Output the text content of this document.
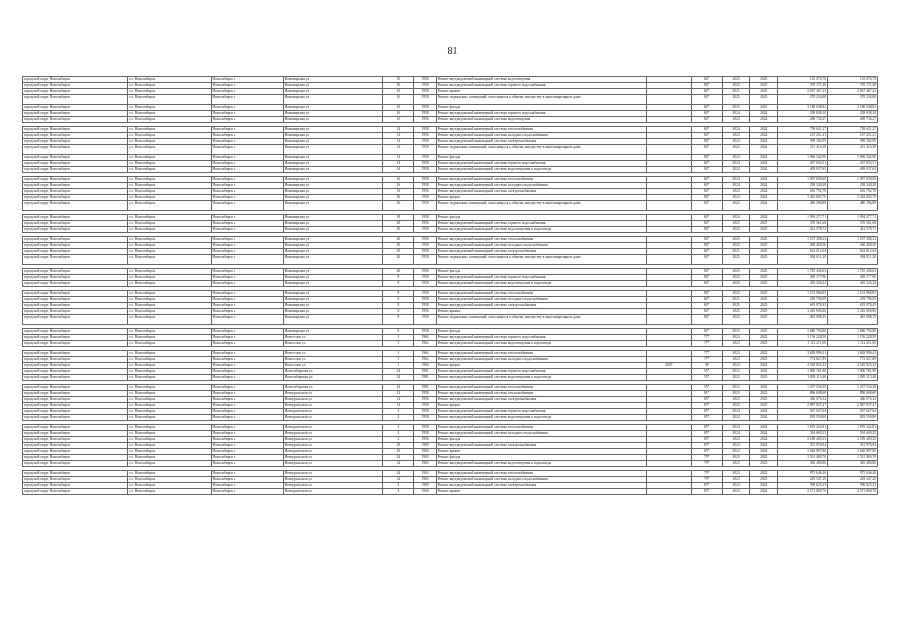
81
городской округ Новосибирск	г.о. Новосибирск	Новосибирск г	Новомирская ул	10	1958	Ремонт внутридомовой инженерной системы водоотведения		84*	2025	2025	135 070,78	135 070,78
городской округ Новосибирск	г.о. Новосибирск	Новосибирск г	Новомирская ул	10	1958	Ремонт внутридомовой инженерной системы горячего водоснабжения		84*	2025	2025	370 171,38	370 171,38
городской округ Новосибирск	г.о. Новосибирск	Новосибирск г	Новомирская ул	10	1958	Ремонт крыши		84*	2025	2025	2 037 467,23	2 037 467,23
городской округ Новосибирск	г.о. Новосибирск	Новосибирск г	Новомирская ул	10	1958	Ремонт подвальных помещений, относящихся к общему имуществу в многоквартирном доме		84*	2025	2025	270 234,88	270 234,88
городской округ Новосибирск	г.о. Новосибирск	Новосибирск г	Новомирская ул	10	1958	Ремонт фасада		84*	2025	2025	3 180 948,82	3 180 948,82
городской округ Новосибирск	г.о. Новосибирск	Новосибирск г	Новомирская ул	10	1958	Ремонт внутридомовой инженерной системы горячего водоснабжения		84*	2024	2024	238 038,10	238 038,10
городской округ Новосибирск	г.о. Новосибирск	Новосибирск г	Новомирская ул	10	1958	Ремонт внутридомовой инженерной системы водоотведения		84*	2024	2024	269 734,27	269 734,27

городской округ Новосибирск	г.о. Новосибирск	Новосибирск г	Новомирская ул	14	1958	Ремонт внутридомовой инженерной системы теплоснабжения		84*	2024	2024	738 631,27	738 631,27
городской округ Новосибирск	г.о. Новосибирск	Новосибирск г	Новомирская ул	14	1958	Ремонт внутридомовой инженерной системы холодного водоснабжения		84*	2024	2024	167 251,41	167 251,41
городской округ Новосибирск	г.о. Новосибирск	Новосибирск г	Новомирская ул	14	1958	Ремонт внутридомовой инженерной системы электроснабжения		84*	2024	2024	399 182,99	399 182,99
городской округ Новосибирск	г.о. Новосибирск	Новосибирск г	Новомирская ул	14	1958	Ремонт подвальных помещений, относящихся к общему имуществу в многоквартирном доме		84*	2024	2024	251 416,30	251 416,30
городской округ Новосибирск	г.о. Новосибирск	Новосибирск г	Новомирская ул	14	1958	Ремонт фасада		84*	2024	2024	1 966 342,90	1 966 342,90
городской округ Новосибирск	г.о. Новосибирск	Новосибирск г	Новомирская ул	14	1958	Ремонт внутридомовой инженерной системы горячего водоснабжения		84*	2024	2024	267 833,51	267 833,51
городской округ Новосибирск	г.о. Новосибирск	Новосибирск г	Новомирская ул	14	1958	Ремонт внутридомовой инженерной системы водоотведения и водоотвода		84*	2024	2024	409 037,65	409 037,65

городской округ Новосибирск	г.о. Новосибирск	Новосибирск г	Новомирская ул	16	1958	Ремонт внутридомовой инженерной системы теплоснабжения		84*	2024	2024	1 097 839,69	1 097 839,69
городской округ Новосибирск	г.о. Новосибирск	Новосибирск г	Новомирская ул	16	1958	Ремонт внутридомовой инженерной системы холодного водоснабжения		84*	2024	2024	238 340,28	238 340,28
городской округ Новосибирск	г.о. Новосибирск	Новосибирск г	Новомирская ул	16	1958	Ремонт внутридомовой инженерной системы электроснабжения		84*	2024	2024	616 792,78	616 792,78
городской округ Новосибирск	г.о. Новосибирск	Новосибирск г	Новомирская ул	16	1958	Ремонт крыши		84*	2024	2024	3 463 803,70	3 463 803,70
городской округ Новосибирск	г.о. Новосибирск	Новосибирск г	Новомирская ул	16	1958	Ремонт подвальных помещений, относящихся к общему имуществу в многоквартирном доме		84*	2024	2024	480 396,88	480 396,88

городской округ Новосибирск	г.о. Новосибирск	Новосибирск г	Новомирская ул	18	1958	Ремонт фасада		84*	2024	2024	1 094 277,71	1 094 277,71
городской округ Новосибирск	г.о. Новосибирск	Новосибирск г	Новомирская ул	20	1958	Ремонт внутридомовой инженерной системы горячего водоснабжения		84*	2025	2025	370 561,68	370 561,68
городской округ Новосибирск	г.о. Новосибирск	Новосибирск г	Новомирская ул	20	1958	Ремонт внутридомовой инженерной системы водоотведения и водоотвода		84*	2025	2025	412 578,72	412 578,72

городской округ Новосибирск	г.о. Новосибирск	Новосибирск г	Новомирская ул	20	1958	Ремонт внутридомовой инженерной системы теплоснабжения		84*	2025	2025	1 107 308,23	1 107 308,23
городской округ Новосибирск	г.о. Новосибирск	Новосибирск г	Новомирская ул	20	1958	Ремонт внутридомовой инженерной системы холодного водоснабжения		84*	2025	2025	260 469,56	260 469,56
городской округ Новосибирск	г.о. Новосибирск	Новосибирск г	Новомирская ул	20	1958	Ремонт внутридомовой инженерной системы электроснабжения		84*	2025	2025	632 012,64	632 012,64
городской округ Новосибирск	г.о. Новосибирск	Новосибирск г	Новомирская ул	20	1958	Ремонт подвальных помещений, относящихся к общему имуществу в многоквартирном доме		84*	2025	2025	494 011,20	494 011,20

городской округ Новосибирск	г.о. Новосибирск	Новосибирск г	Новомирская ул	20	1958	Ремонт фасада		84*	2025	2025	1 745 446,63	1 745 446,63
городской округ Новосибирск	г.о. Новосибирск	Новосибирск г	Новомирская ул	8	1958	Ремонт внутридомовой инженерной системы горячего водоснабжения		84*	2025	2025	369 177,96	369 177,96
городской округ Новосибирск	г.о. Новосибирск	Новосибирск г	Новомирская ул	8	1958	Ремонт внутридомовой инженерной системы водоотведения и водоотвода		84*	2025	2025	410 326,24	410 326,24

городской округ Новосибирск	г.о. Новосибирск	Новосибирск г	Новомирская ул	8	1958	Ремонт внутридомовой инженерной системы теплоснабжения		84*	2025	2025	1 101 966,83	1 101 966,83
городской округ Новосибирск	г.о. Новосибирск	Новосибирск г	Новомирская ул	8	1958	Ремонт внутридомовой инженерной системы холодного водоснабжения		84*	2025	2025	259 796,09	259 796,09
городской округ Новосибирск	г.о. Новосибирск	Новосибирск г	Новомирская ул	8	1958	Ремонт внутридомовой инженерной системы электроснабжения		84*	2025	2025	619 978,43	619 978,43
городской округ Новосибирск	г.о. Новосибирск	Новосибирск г	Новомирская ул	8	1958	Ремонт крыши		84*	2025	2025	3 416 806,86	3 416 806,86
городской округ Новосибирск	г.о. Новосибирск	Новосибирск г	Новомирская ул	8	1958	Ремонт подвальных помещений, относящихся к общему имуществу в многоквартирном доме		84*	2025	2025	481 988,35	481 988,35

городской округ Новосибирск	г.о. Новосибирск	Новосибирск г	Новомирская ул	8	1958	Ремонт фасада		84*	2025	2025	1 680 794,80	1 680 794,80
городской округ Новосибирск	г.о. Новосибирск	Новосибирск г	Новоселов ул	1	1964	Ремонт внутридомовой инженерной системы горячего водоснабжения		77*	2023	2023	1 156 228,50	1 156 228,50
городской округ Новосибирск	г.о. Новосибирск	Новосибирск г	Новоселов ул	1	1964	Ремонт внутридомовой инженерной системы водоотведения и водоотвода		77*	2023	2023	1 112 211,00	1 112 211,00

городской округ Новосибирск	г.о. Новосибирск	Новосибирск г	Новоселов ул	1	1964	Ремонт внутридомовой инженерной системы теплоснабжения		77*	2023	2023	3 638 996,41	3 638 996,41
городской округ Новосибирск	г.о. Новосибирск	Новосибирск г	Новоселов ул	1	1964	Ремонт внутридомовой инженерной системы холодного водоснабжения		77*	2023	2023	772 827,89	772 827,89
городской округ Новосибирск	г.о. Новосибирск	Новосибирск г	Новоселов ул	1	1964	Ремонт крыши	2007	38	2024	2024	4 520 923,32	4 520 923,32
городской округ Новосибирск	г.о. Новосибирск	Новосибирск г	Новосибирская ул	24	1981	Ремонт внутридомовой инженерной системы горячего водоснабжения		55*	2023	2023	1 900 781,90	1 900 781,90
городской округ Новосибирск	г.о. Новосибирск	Новосибирск г	Новосибирская ул	24	1981	Ремонт внутридомовой инженерной системы водоотведения и водоотвода		55*	2023	2023	1 849 113,40	1 849 113,40

городской округ Новосибирск	г.о. Новосибирск	Новосибирск г	Новосибирская ул	24	1981	Ремонт внутридомовой инженерной системы теплоснабжения		55*	2023	2023	1 257 534,39	1 257 534,39
городской округ Новосибирск	г.о. Новосибирск	Новосибирск г	Новоуральская ул	12	1958	Ремонт внутридомовой инженерной системы теплоснабжения		81*	2023	2023	896 608,60	896 608,60
городской округ Новосибирск	г.о. Новосибирск	Новосибирск г	Новоуральская ул	14	1958	Ремонт внутридомовой инженерной системы электроснабжения		83*	2025	2025	366 076,34	366 076,34
городской округ Новосибирск	г.о. Новосибирск	Новосибирск г	Новоуральская ул	14	1958	Ремонт крыши		83*	2025	2025	2 987 837,47	2 987 837,47
городской округ Новосибирск	г.о. Новосибирск	Новосибирск г	Новоуральская ул	2	1958	Ремонт внутридомовой инженерной системы горячего водоснабжения		85*	2024	2024	567 627,64	567 627,64
городской округ Новосибирск	г.о. Новосибирск	Новосибирск г	Новоуральская ул	2	1958	Ремонт внутридомовой инженерной системы водоотведения и водоотвода		85*	2024	2024	829 550,80	829 550,80

городской округ Новосибирск	г.о. Новосибирск	Новосибирск г	Новоуральская ул	2	1958	Ремонт внутридомовой инженерной системы теплоснабжения		85*	2024	2024	1 670 322,81	1 670 322,81
городской округ Новосибирск	г.о. Новосибирск	Новосибирск г	Новоуральская ул	2	1958	Ремонт внутридомовой инженерной системы холодного водоснабжения		85*	2024	2024	394 669,25	394 669,25
городской округ Новосибирск	г.о. Новосибирск	Новосибирск г	Новоуральская ул	2	1958	Ремонт фасада		85*	2024	2024	2 189 409,25	2 189 409,25
городской округ Новосибирск	г.о. Новосибирск	Новосибирск г	Новоуральская ул	29	1960	Ремонт внутридомовой инженерной системы электроснабжения		83*	2024	2024	351 976,94	351 976,94
городской округ Новосибирск	г.о. Новосибирск	Новосибирск г	Новоуральская ул	29	1960	Ремонт крыши		83*	2024	2024	1 620 897,80	1 620 897,80
городской округ Новосибирск	г.о. Новосибирск	Новосибирск г	Новоуральская ул	34	1963	Ремонт фасада		79*	2025	2025	1 531 469,70	1 531 469,70
городской округ Новосибирск	г.о. Новосибирск	Новосибирск г	Новоуральская ул	34	1963	Ремонт внутридомовой инженерной системы водоотведения и водоотвода		79*	2023	2023	365 486,86	365 486,86

городской округ Новосибирск	г.о. Новосибирск	Новосибирск г	Новоуральская ул	34	1963	Ремонт внутридомовой инженерной системы теплоснабжения		79*	2023	2023	975 646,46	975 646,46
городской округ Новосибирск	г.о. Новосибирск	Новосибирск г	Новоуральская ул	34	1963	Ремонт внутридомовой инженерной системы холодного водоснабжения		79*	2023	2023	229 347,20	229 347,20
городской округ Новосибирск	г.о. Новосибирск	Новосибирск г	Новоуральская ул	4	1960	Ремонт внутридомовой инженерной системы электроснабжения		83*	2024	2024	590 625,23	590 625,23
городской округ Новосибирск	г.о. Новосибирск	Новосибирск г	Новоуральская ул	4	1960	Ремонт крыши		83*	2024	2024	2 571 869,76	2 571 869,76
